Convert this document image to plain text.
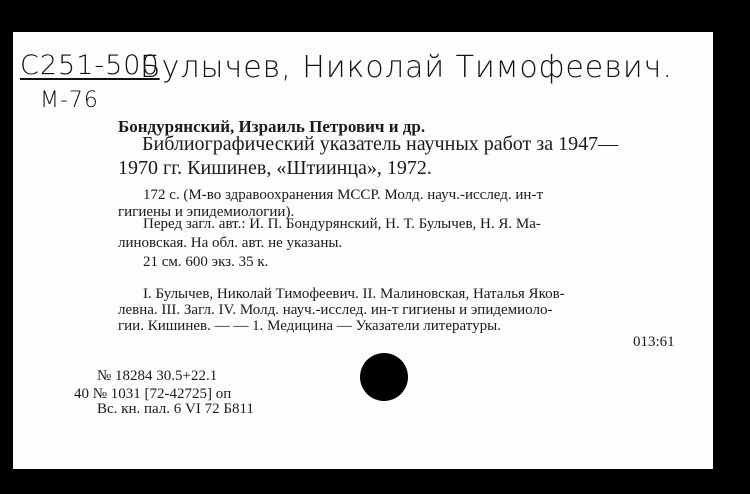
С251-500
М-76
Булычев, Николай Тимофеевич.
Бондурянский, Израиль Петрович и др.
Библиографический указатель научных работ за 1947—
1970 гг. Кишинев, «Штиинца», 1972.
172 с. (М-во здравоохранения МССР. Молд. науч.-исслед. ин-т
гигиены и эпидемиологии).
Перед загл. авт.: И. П. Бондурянский, Н. Т. Булычев, Н. Я. Ма-
линовская. На обл. авт. не указаны.
21 см. 600 экз. 35 к.
I. Булычев, Николай Тимофеевич. II. Малиновская, Наталья Яков-
левна. III. Загл. IV. Молд. науч.-исслед. ин-т гигиены и эпидемиоло-
гии. Кишинев. — — 1. Медицина — Указатели литературы.
013:61
№ 18284 30.5+22.1
40 № 1031 [72-42725] оп
Вс. кн. пал. 6 VI 72 Б811
